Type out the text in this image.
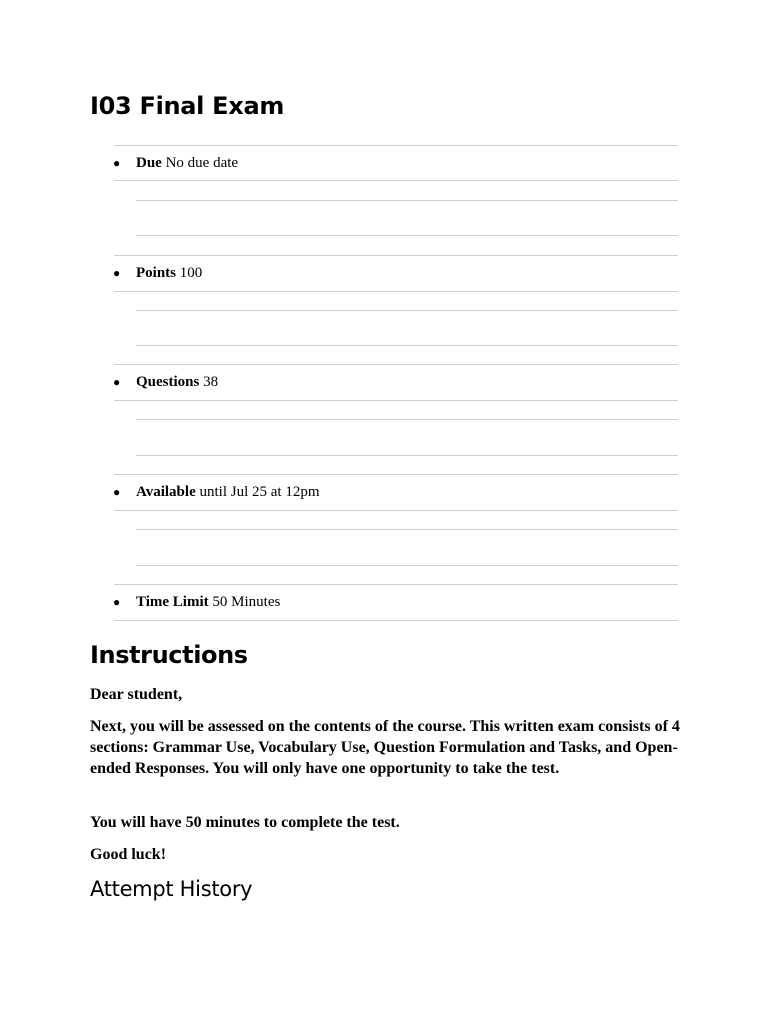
I03 Final Exam
● Due No due date
● Points 100
● Questions 38
● Available until Jul 25 at 12pm
● Time Limit 50 Minutes
Instructions

Dear student,

Next, you will be assessed on the contents of the course. This written exam consists of 4 sections: Grammar Use, Vocabulary Use, Question Formulation and Tasks, and Open-ended Responses. You will only have one opportunity to take the test.

You will have 50 minutes to complete the test.

Good luck!

Attempt History
